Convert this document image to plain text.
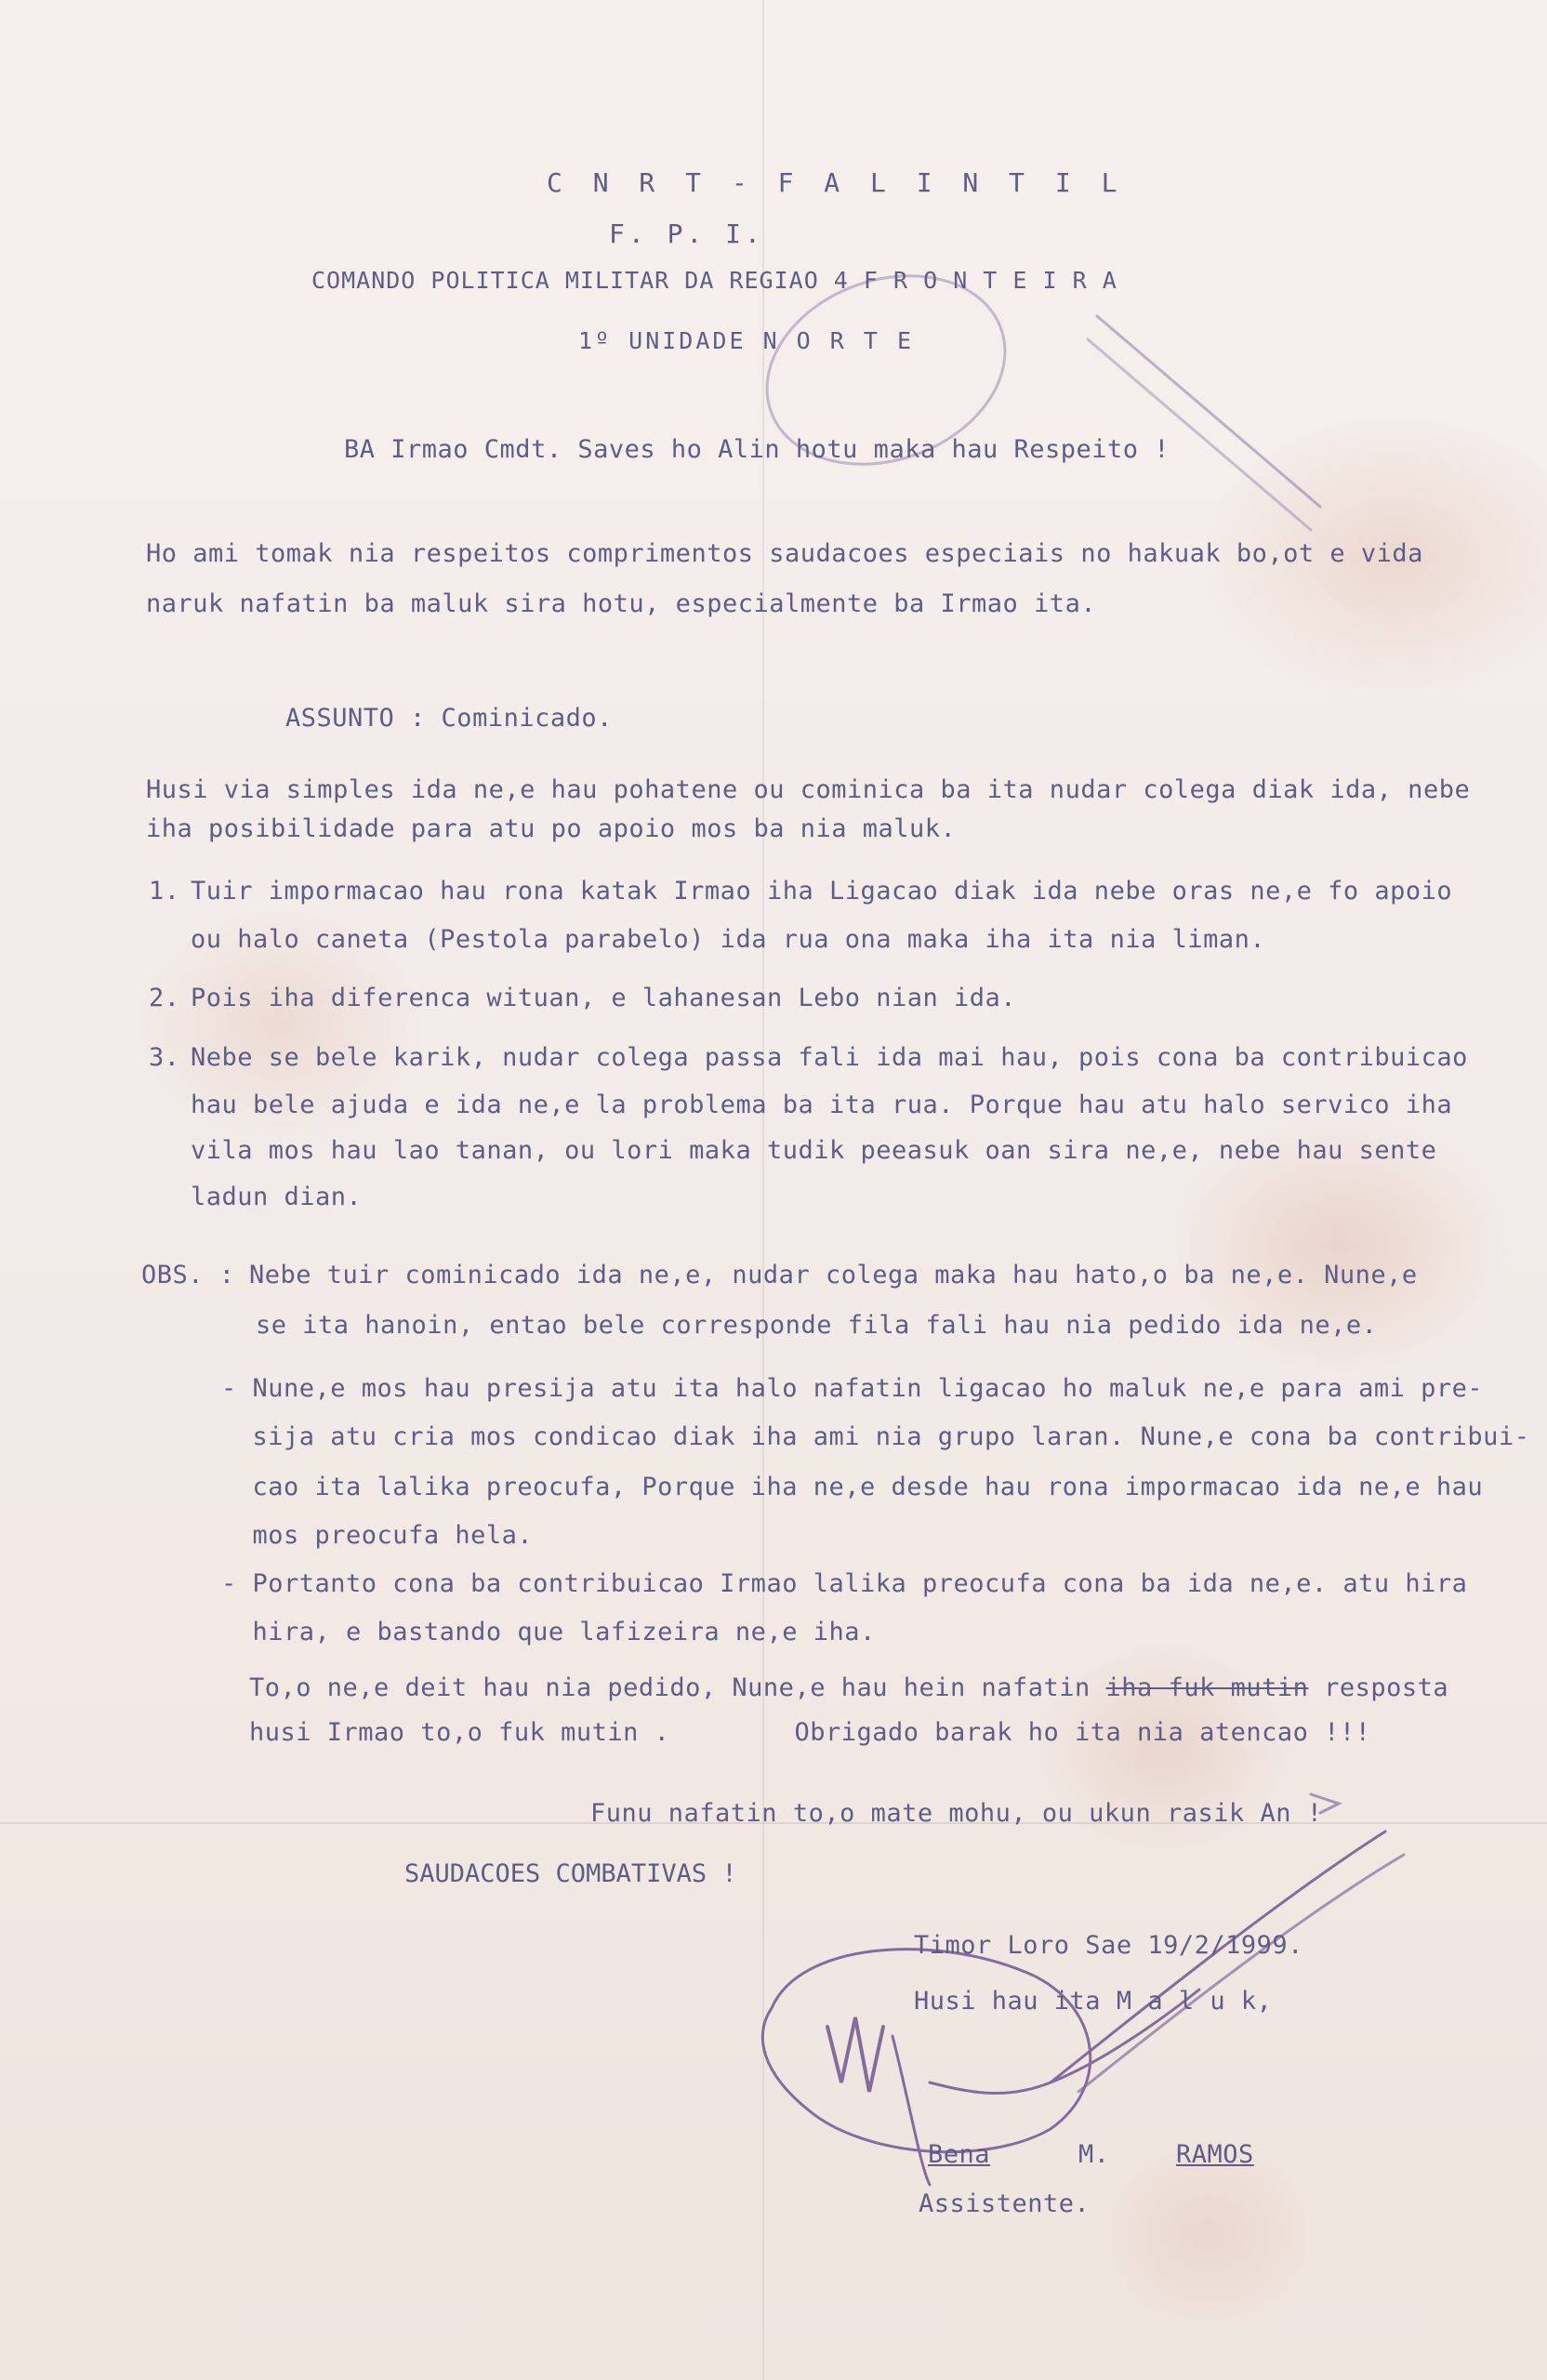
C N R T - F A L I N T I L
F. P. I.
COMANDO POLITICA MILITAR DA REGIAO 4 F R O N T E I R A
1º UNIDADE N O R T E
BA Irmao Cmdt. Saves ho Alin hotu maka hau Respeito !
Ho ami tomak nia respeitos comprimentos saudacoes especiais no hakuak bo,ot e vida
naruk nafatin ba maluk sira hotu, especialmente ba Irmao ita.
ASSUNTO : Cominicado.
Husi via simples ida ne,e hau pohatene ou cominica ba ita nudar colega diak ida, nebe
iha posibilidade para atu po apoio mos ba nia maluk.
1. Tuir impormacao hau rona katak Irmao iha Ligacao diak ida nebe oras ne,e fo apoio
ou halo caneta (Pestola parabelo) ida rua ona maka iha ita nia liman.
2. Pois iha diferenca wituan, e lahanesan Lebo nian ida.
3. Nebe se bele karik, nudar colega passa fali ida mai hau, pois cona ba contribuicao
hau bele ajuda e ida ne,e la problema ba ita rua. Porque hau atu halo servico iha
vila mos hau lao tanan, ou lori maka tudik peeasuk oan sira ne,e, nebe hau sente
ladun dian.
OBS. : Nebe tuir cominicado ida ne,e, nudar colega maka hau hato,o ba ne,e. Nune,e
se ita hanoin, entao bele corresponde fila fali hau nia pedido ida ne,e.
- Nune,e mos hau presija atu ita halo nafatin ligacao ho maluk ne,e para ami pre-
sija atu cria mos condicao diak iha ami nia grupo laran. Nune,e cona ba contribui-
cao ita lalika preocufa, Porque iha ne,e desde hau rona impormacao ida ne,e hau
mos preocufa hela.
- Portanto cona ba contribuicao Irmao lalika preocufa cona ba ida ne,e. atu hira
hira, e bastando que lafizeira ne,e iha.
To,o ne,e deit hau nia pedido, Nune,e hau hein nafatin iha fuk mutin resposta
husi Irmao to,o fuk mutin .        Obrigado barak ho ita nia atencao !!!
Funu nafatin to,o mate mohu, ou ukun rasik An !
SAUDACOES COMBATIVAS !
Timor Loro Sae 19/2/1999.
Husi hau ita M a l u k,
Bena	M.	RAMOS
Assistente.
